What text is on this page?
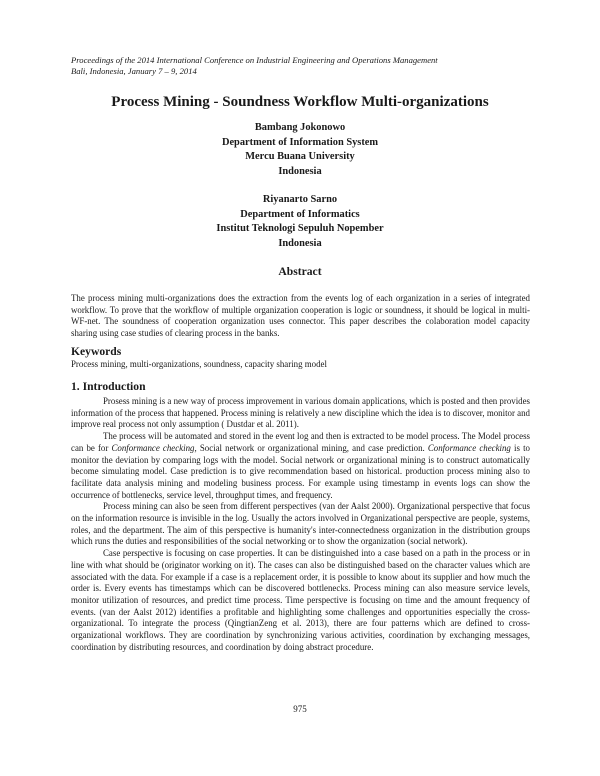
Proceedings of the 2014 International Conference on Industrial Engineering and Operations Management
Bali, Indonesia, January 7 – 9, 2014
Process Mining - Soundness Workflow Multi-organizations
Bambang Jokonowo
Department of Information System
Mercu Buana University
Indonesia
Riyanarto Sarno
Department of Informatics
Institut Teknologi Sepuluh Nopember
Indonesia
Abstract
The process mining multi-organizations does the extraction from the events log of each organization in a series of integrated workflow. To prove that the workflow of multiple organization cooperation is logic or soundness, it should be logical in multi-WF-net. The soundness of cooperation organization uses connector. This paper describes the colaboration model capacity sharing using case studies of clearing process in the banks.
Keywords
Process mining, multi-organizations, soundness, capacity sharing model
1. Introduction
Prosess mining is a new way of process improvement in various domain applications, which is posted and then provides information of the process that happened. Process mining is relatively a new discipline which the idea is to discover, monitor and improve real process not only assumption ( Dustdar et al. 2011).
The process will be automated and stored in the event log and then is extracted to be model process. The Model process can be for Conformance checking, Social network or organizational mining, and case prediction. Conformance checking is to monitor the deviation by comparing logs with the model. Social network or organizational mining is to construct automatically become simulating model. Case prediction is to give recommendation based on historical. production process mining also to facilitate data analysis mining and modeling business process. For example using timestamp in events logs can show the occurrence of bottlenecks, service level, throughput times, and frequency.
Process mining can also be seen from different perspectives (van der Aalst 2000). Organizational perspective that focus on the information resource is invisible in the log. Usually the actors involved in Organizational perspective are people, systems, roles, and the department. The aim of this perspective is humanity's inter-connectedness organization in the distribution groups which runs the duties and responsibilities of the social networking or to show the organization (social network).
Case perspective is focusing on case properties. It can be distinguished into a case based on a path in the process or in line with what should be (originator working on it). The cases can also be distinguished based on the character values which are associated with the data. For example if a case is a replacement order, it is possible to know about its supplier and how much the order is. Every events has timestamps which can be discovered bottlenecks. Process mining can also measure service levels, monitor utilization of resources, and predict time process. Time perspective is focusing on time and the amount frequency of events. (van der Aalst 2012) identifies a profitable and highlighting some challenges and opportunities especially the cross-organizational. To integrate the process (QingtianZeng et al. 2013), there are four patterns which are defined to cross-organizational workflows. They are coordination by synchronizing various activities, coordination by exchanging messages, coordination by distributing resources, and coordination by doing abstract procedure.
975
